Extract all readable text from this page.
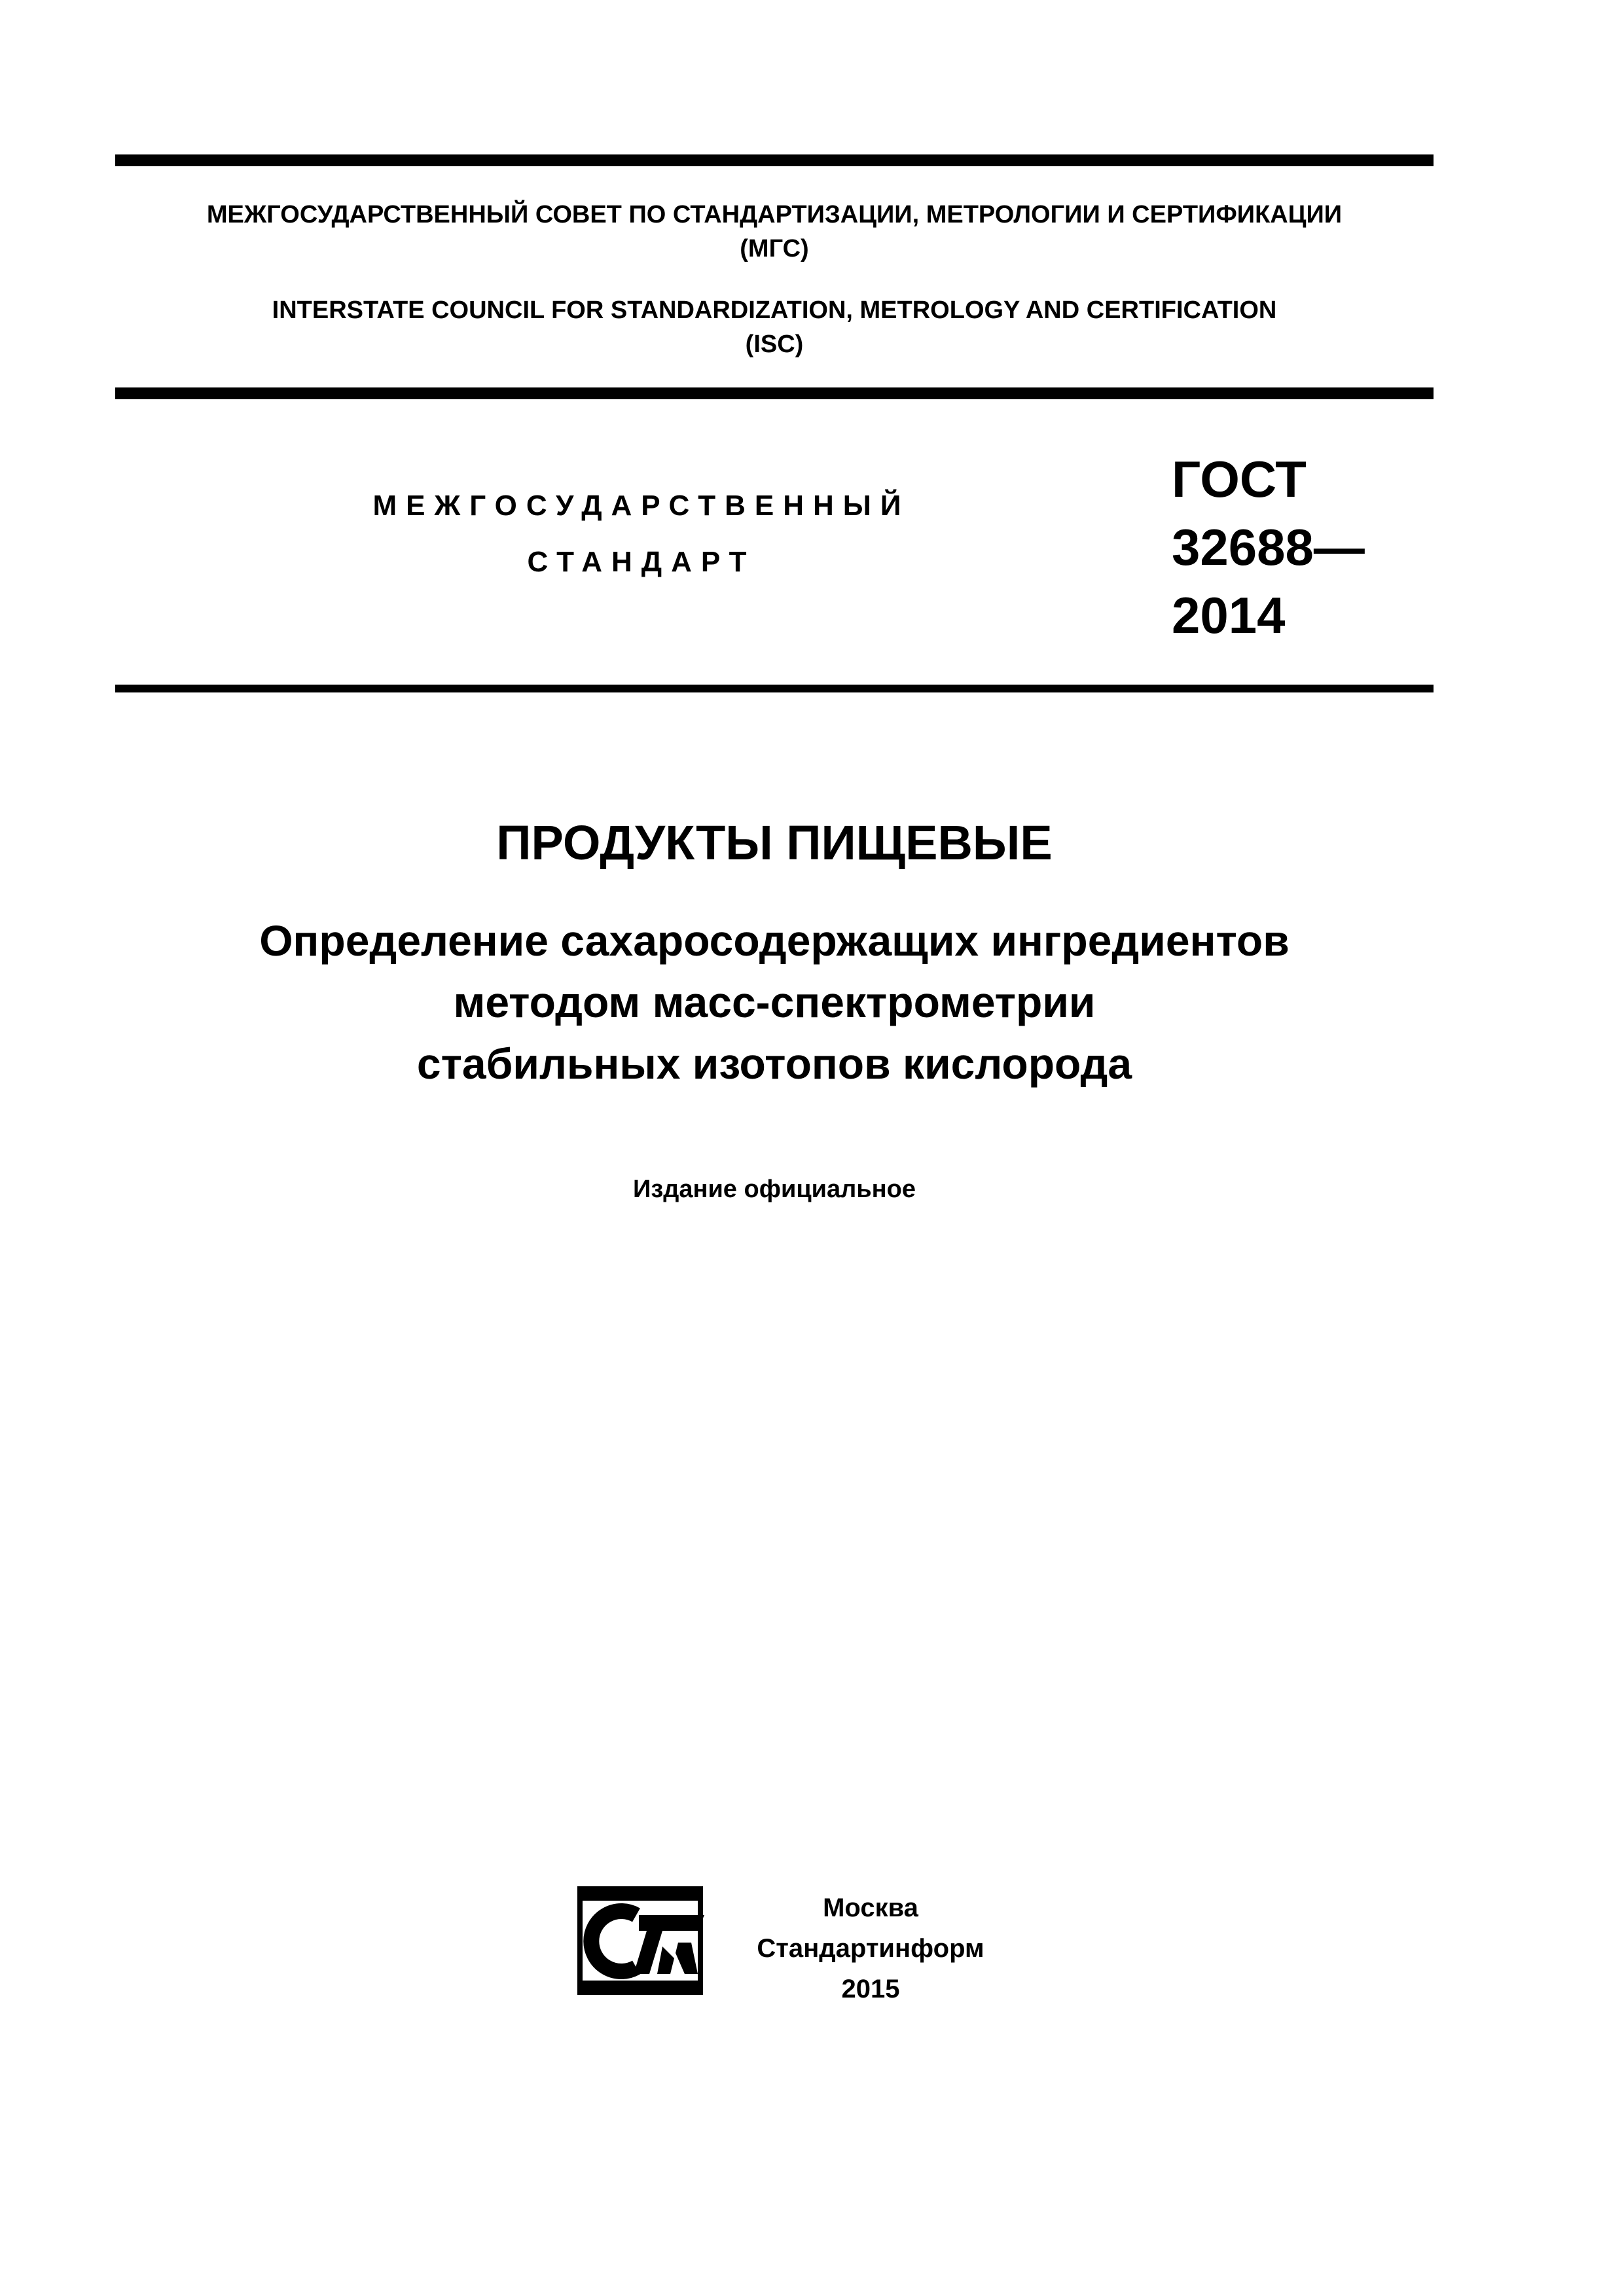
МЕЖГОСУДАРСТВЕННЫЙ СОВЕТ ПО СТАНДАРТИЗАЦИИ, МЕТРОЛОГИИ И СЕРТИФИКАЦИИ
(МГС)
INTERSTATE COUNCIL FOR STANDARDIZATION, METROLOGY AND CERTIFICATION
(ISC)
МЕЖГОСУДАРСТВЕННЫЙ
СТАНДАРТ
ГОСТ
32688—
2014
ПРОДУКТЫ ПИЩЕВЫЕ
Определение сахаросодержащих ингредиентов
методом масс-спектрометрии
стабильных изотопов кислорода
Издание официальное
Москва
Стандартинформ
2015
